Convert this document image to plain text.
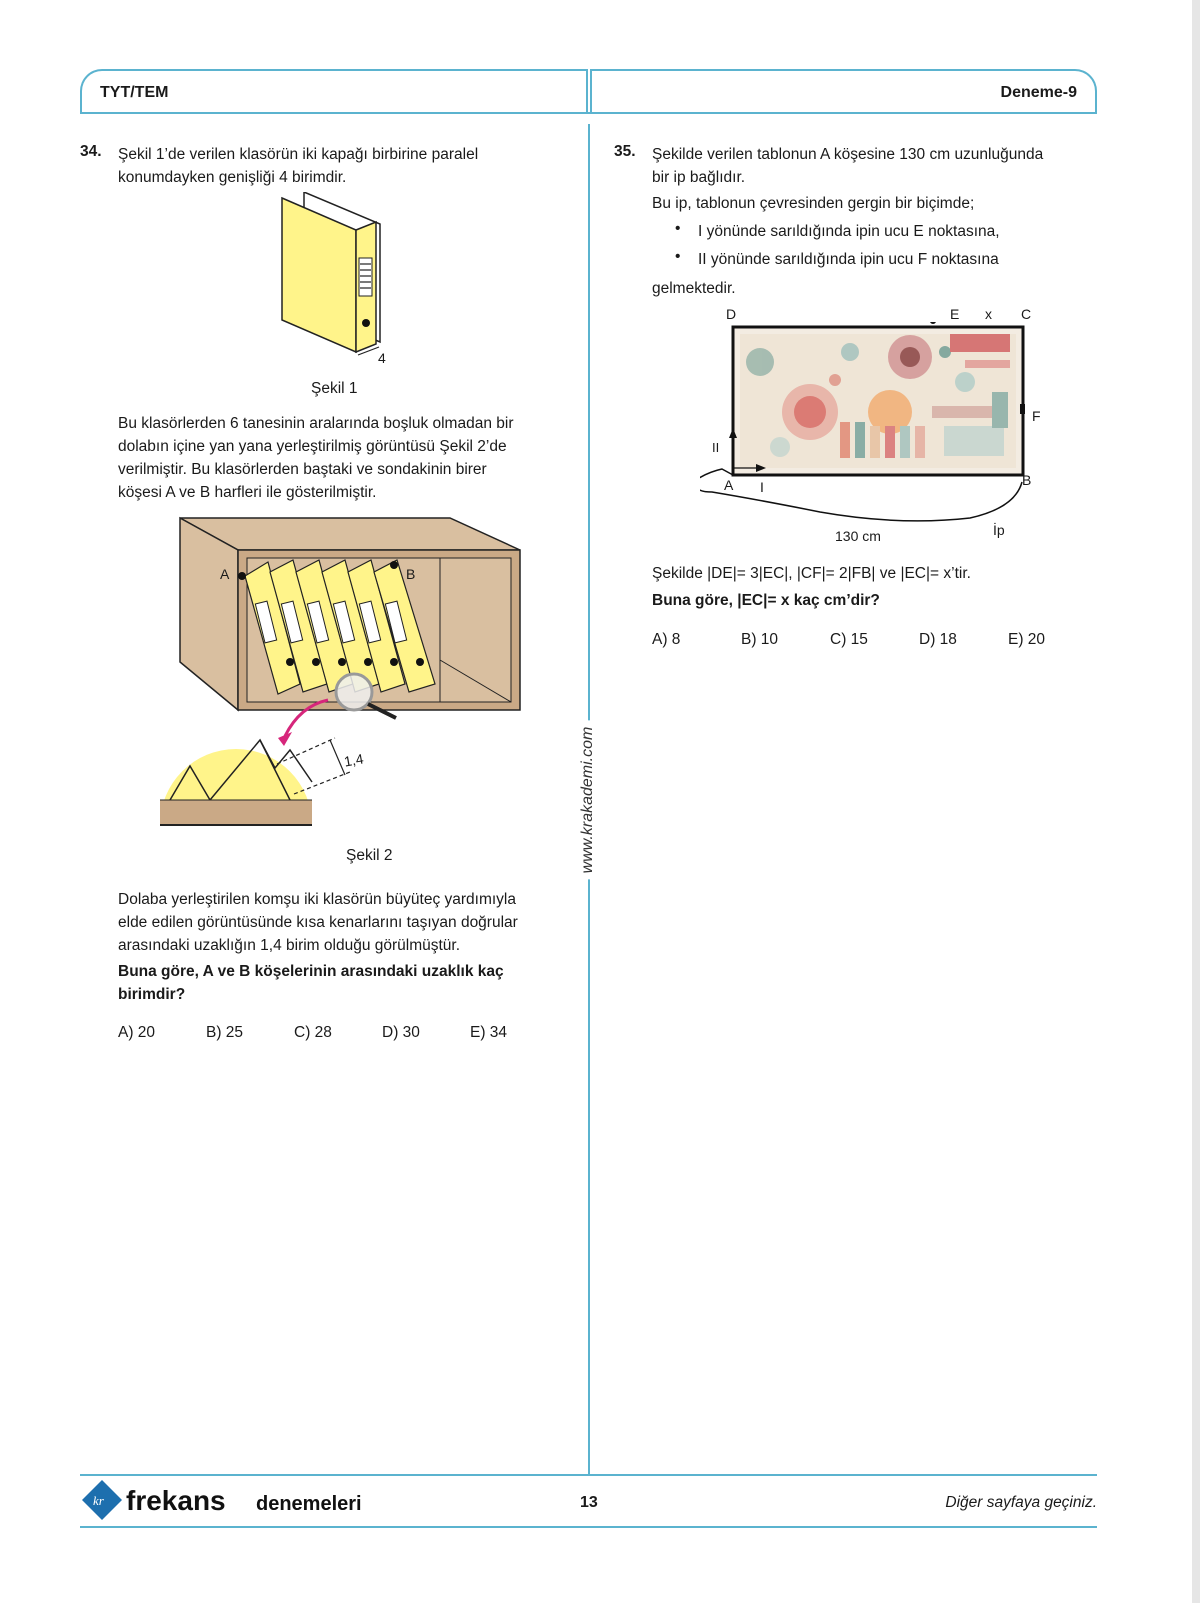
TYT/TEM	Deneme-9
www.krakademi.com
34. Şekil 1’de verilen klasörün iki kapağı birbirine paralel
konumdayken genişliği 4 birimdir.
4
Şekil 1
Bu klasörlerden 6 tanesinin aralarında boşluk olmadan bir
dolabın içine yan yana yerleştirilmiş görüntüsü Şekil 2’de
verilmiştir. Bu klasörlerden baştaki ve sondakinin birer
köşesi A ve B harfleri ile gösterilmiştir.
A	B
1,4
Şekil 2
Dolaba yerleştirilen komşu iki klasörün büyüteç yardımıyla
elde edilen görüntüsünde kısa kenarlarını taşıyan doğrular
arasındaki uzaklığın 1,4 birim olduğu görülmüştür.
Buna göre, A ve B köşelerinin arasındaki uzaklık kaç
birimdir?
A) 20	B) 25	C) 28	D) 30	E) 34
35. Şekilde verilen tablonun A köşesine 130 cm uzunluğunda
bir ip bağlıdır.
Bu ip, tablonun çevresinden gergin bir biçimde;
• I yönünde sarıldığında ipin ucu E noktasına,
• II yönünde sarıldığında ipin ucu F noktasına
gelmektedir.
D	E x C
F
B
A I
II
130 cm	İp
Şekilde |DE|= 3|EC|, |CF|= 2|FB| ve |EC|= x’tir.
Buna göre, |EC|= x kaç cm’dir?
A) 8	B) 10	C) 15	D) 18	E) 20
kr frekans denemeleri	13	Diğer sayfaya geçiniz.
